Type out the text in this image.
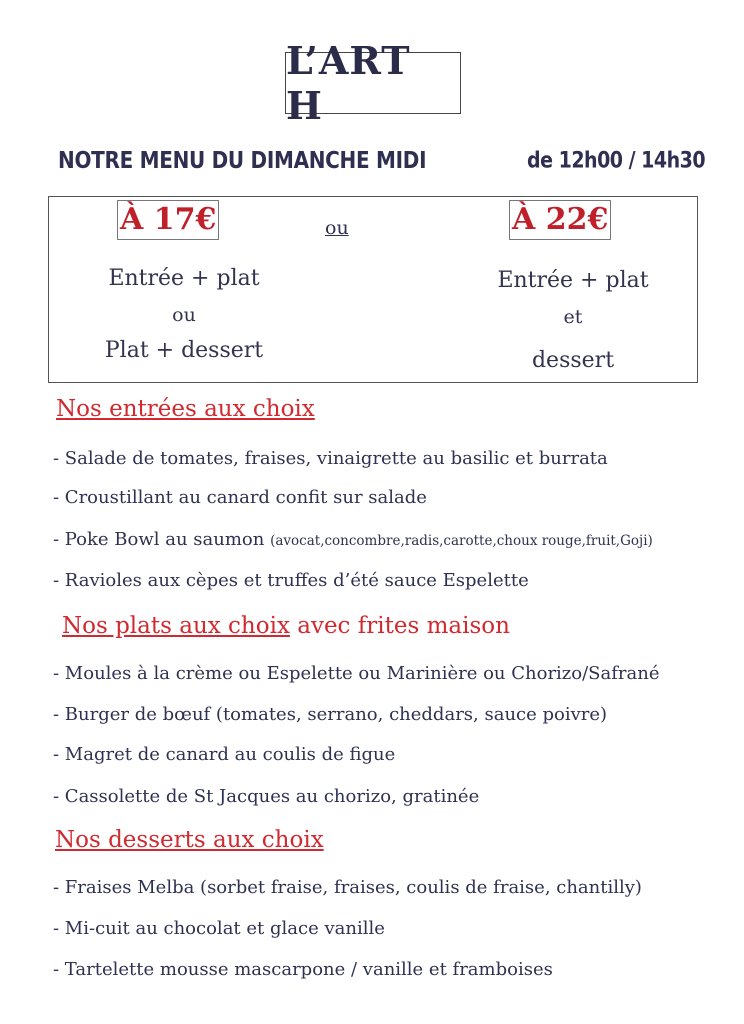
L’ART H
NOTRE MENU DU DIMANCHE MIDI	de 12h00 / 14h30
À 17€	ou	À 22€
Entrée + plat
ou
Plat + dessert
Entrée + plat
et
dessert
Nos entrées aux choix
- Salade de tomates, fraises, vinaigrette au basilic et burrata
- Croustillant au canard confit sur salade
- Poke Bowl au saumon (avocat,concombre,radis,carotte,choux rouge,fruit,Goji)
- Ravioles aux cèpes et truffes d’été sauce Espelette
Nos plats aux choix avec frites maison
- Moules à la crème ou Espelette ou Marinière ou Chorizo/Safrané
- Burger de bœuf (tomates, serrano, cheddars, sauce poivre)
- Magret de canard au coulis de figue
- Cassolette de St Jacques au chorizo, gratinée
Nos desserts aux choix
- Fraises Melba (sorbet fraise, fraises, coulis de fraise, chantilly)
- Mi-cuit au chocolat et glace vanille
- Tartelette mousse mascarpone / vanille et framboises
